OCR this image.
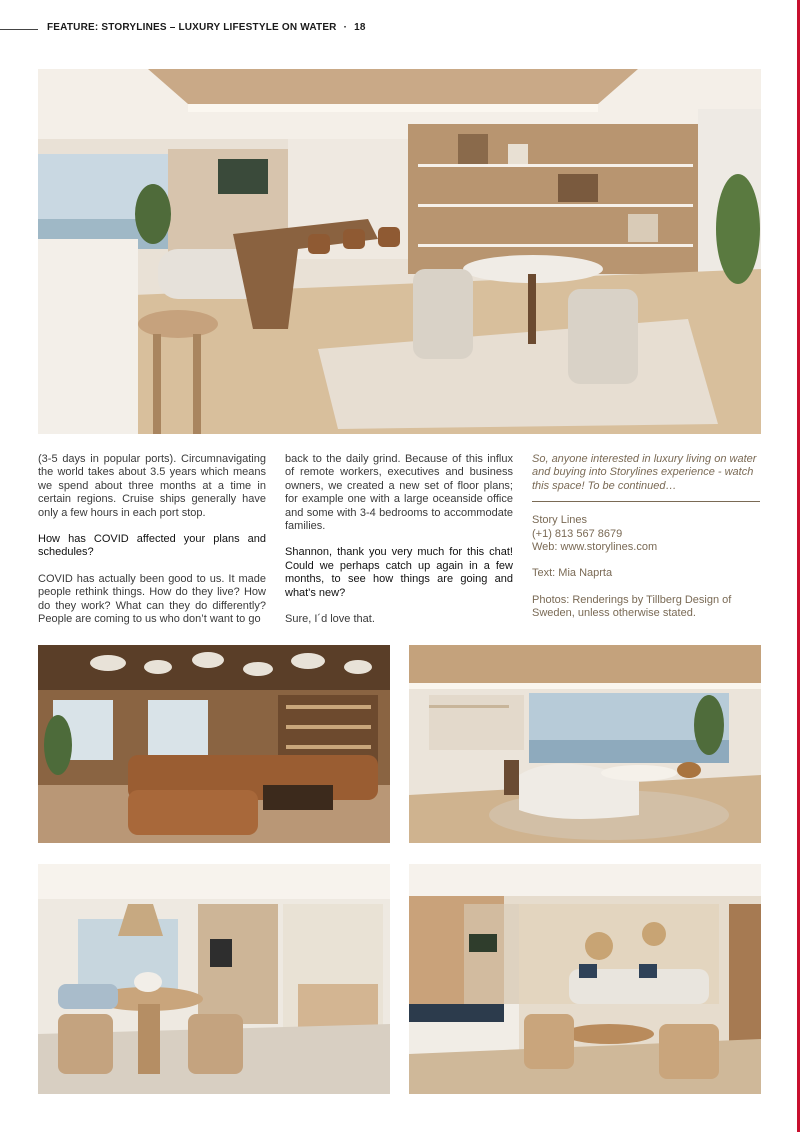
FEATURE: STORYLINES – LUXURY LIFESTYLE ON WATER · 18

(3-5 days in popular ports). Circumnavigating the world takes about 3.5 years which means we spend about three months at a time in certain regions. Cruise ships generally have only a few hours in each port stop.

How has COVID affected your plans and schedules?

COVID has actually been good to us. It made people rethink things. How do they live? How do they work? What can they do differently? People are coming to us who don’t want to go

back to the daily grind. Because of this influx of remote workers, executives and business owners, we created a new set of floor plans; for example one with a large oceanside office and some with 3-4 bedrooms to accommodate families.

Shannon, thank you very much for this chat! Could we perhaps catch up again in a few months, to see how things are going and what's new?

Sure, I´d love that.

So, anyone interested in luxury living on water and buying into Storylines experience - watch this space! To be continued…
Story Lines
(+1) 813 567 8679
Web: www.storylines.com
Text: Mia Naprta
Photos: Renderings by Tillberg Design of Sweden, unless otherwise stated.
